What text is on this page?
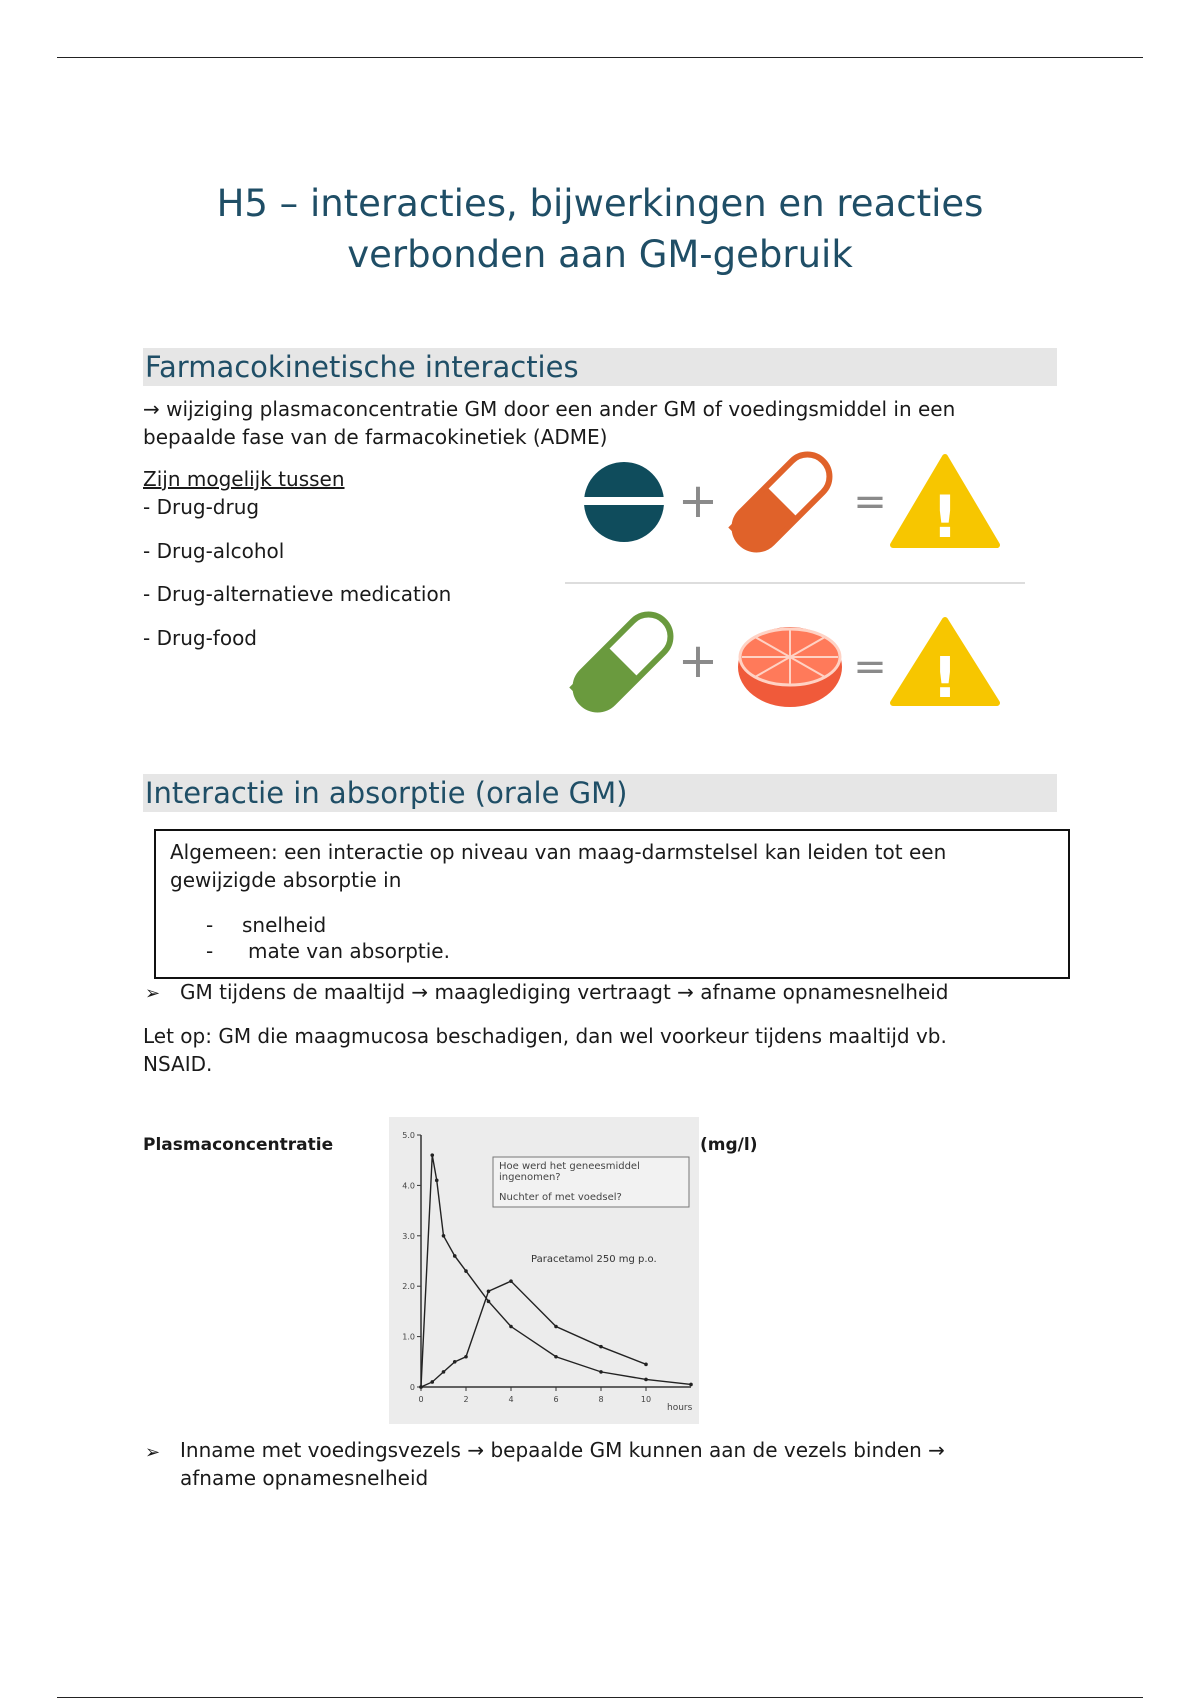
H5 – interacties, bijwerkingen en reacties
verbonden aan GM-gebruik
Farmacokinetische interacties
→ wijziging plasmaconcentratie GM door een ander GM of voedingsmiddel in een
bepaalde fase van de farmacokinetiek (ADME)
Zijn mogelijk tussen
- Drug-drug
- Drug-alcohol
- Drug-alternatieve medication
- Drug-food
+	= !
+	= !
Interactie in absorptie (orale GM)
Algemeen: een interactie op niveau van maag-darmstelsel kan leiden tot een
gewijzigde absorptie in
- snelheid
- mate van absorptie.
➢ GM tijdens de maaltijd → maaglediging vertraagt → afname opnamesnelheid
Let op: GM die maagmucosa beschadigen, dan wel voorkeur tijdens maaltijd vb.
NSAID.
Plasmaconcentratie	(mg/l)
0
1.0
2.0
3.0
4.0
5.0
0	2	4	6	8	10
Hoe werd het geneesmiddel
ingenomen?
Nuchter of met voedsel?
Paracetamol 250 mg p.o.
hours
➢ Inname met voedingsvezels → bepaalde GM kunnen aan de vezels binden →
afname opnamesnelheid
